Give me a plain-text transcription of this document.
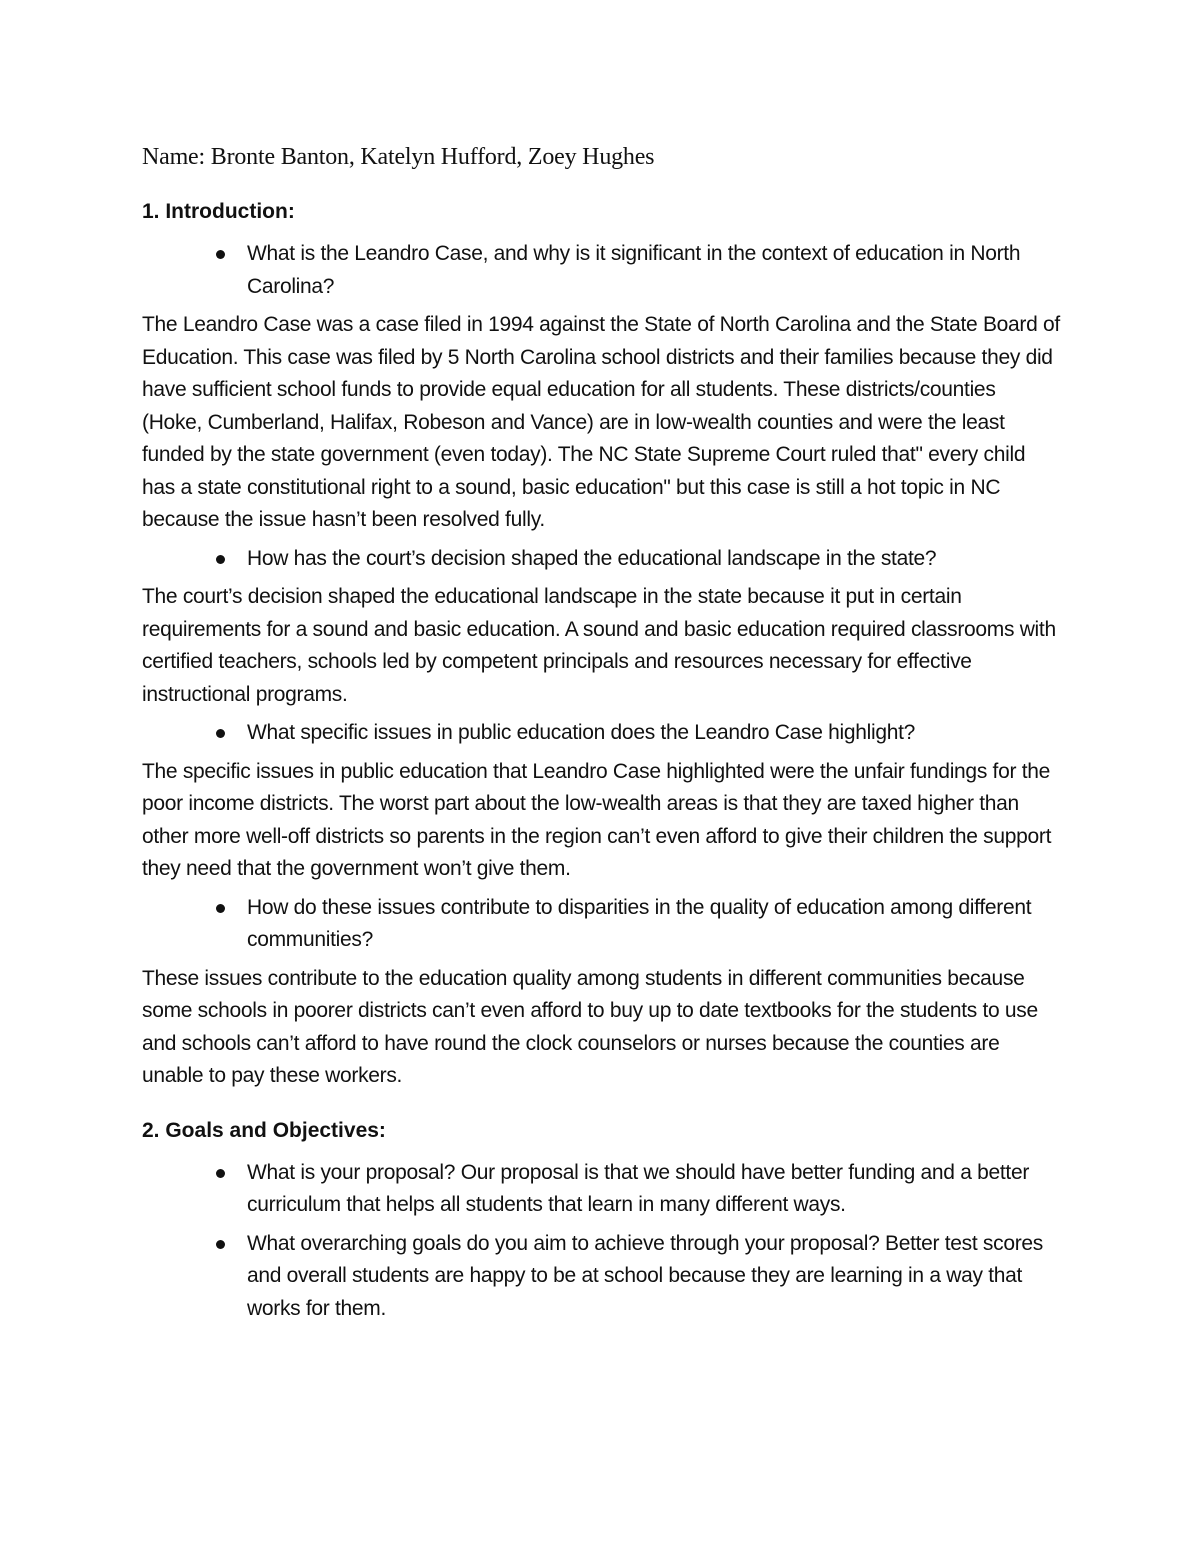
Name: Bronte Banton, Katelyn Hufford, Zoey Hughes

1. Introduction:

What is the Leandro Case, and why is it significant in the context of education in North Carolina?

The Leandro Case was a case filed in 1994 against the State of North Carolina and the State Board of Education. This case was filed by 5 North Carolina school districts and their families because they did have sufficient school funds to provide equal education for all students. These districts/counties (Hoke, Cumberland, Halifax, Robeson and Vance) are in low-wealth counties and were the least funded by the state government (even today). The NC State Supreme Court ruled that" every child has a state constitutional right to a sound, basic education" but this case is still a hot topic in NC because the issue hasn’t been resolved fully.

How has the court’s decision shaped the educational landscape in the state?

The court’s decision shaped the educational landscape in the state because it put in certain requirements for a sound and basic education. A sound and basic education required classrooms with certified teachers, schools led by competent principals and resources necessary for effective instructional programs.

What specific issues in public education does the Leandro Case highlight?

The specific issues in public education that Leandro Case highlighted were the unfair fundings for the poor income districts. The worst part about the low-wealth areas is that they are taxed higher than other more well-off districts so parents in the region can’t even afford to give their children the support they need that the government won’t give them.

How do these issues contribute to disparities in the quality of education among different communities?

These issues contribute to the education quality among students in different communities because some schools in poorer districts can’t even afford to buy up to date textbooks for the students to use and schools can’t afford to have round the clock counselors or nurses because the counties are unable to pay these workers.

2. Goals and Objectives:

What is your proposal? Our proposal is that we should have better funding and a better curriculum that helps all students that learn in many different ways.
What overarching goals do you aim to achieve through your proposal? Better test scores and overall students are happy to be at school because they are learning in a way that works for them.
